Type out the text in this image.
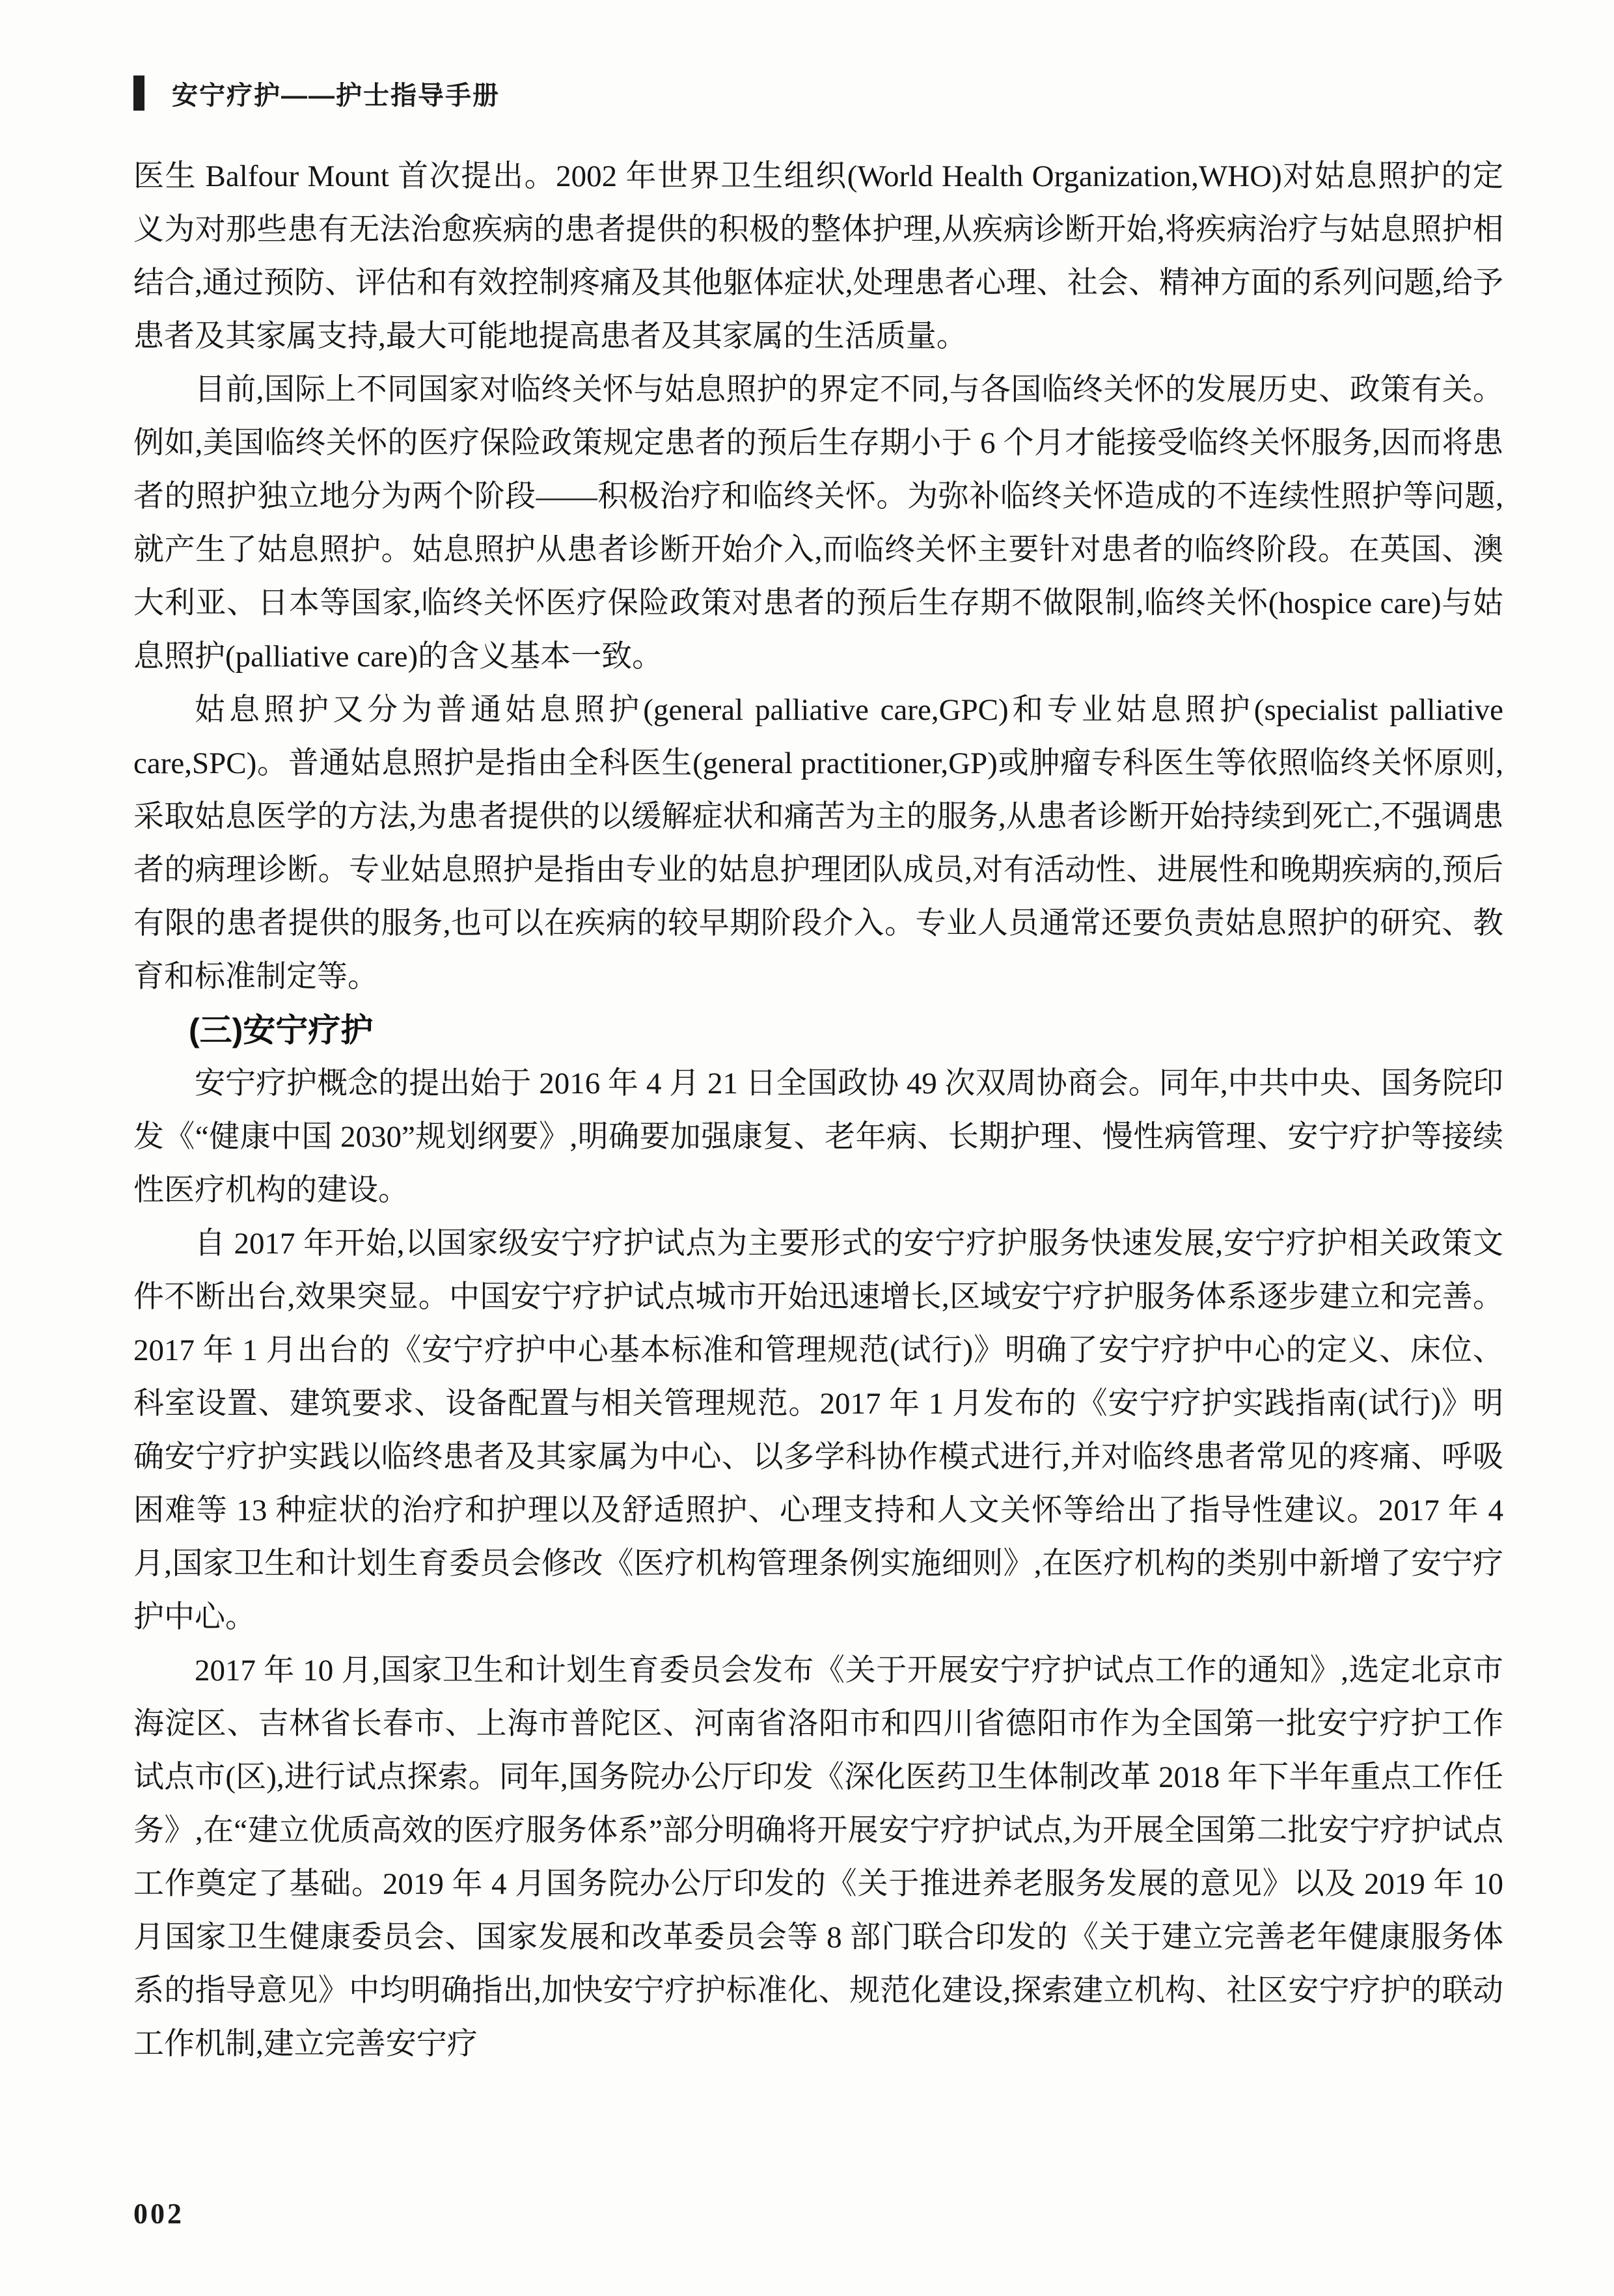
安宁疗护——护士指导手册

医生 Balfour Mount 首次提出。2002 年世界卫生组织(World Health Organization,WHO)对姑息照护的定义为对那些患有无法治愈疾病的患者提供的积极的整体护理,从疾病诊断开始,将疾病治疗与姑息照护相结合,通过预防、评估和有效控制疼痛及其他躯体症状,处理患者心理、社会、精神方面的系列问题,给予患者及其家属支持,最大可能地提高患者及其家属的生活质量。

目前,国际上不同国家对临终关怀与姑息照护的界定不同,与各国临终关怀的发展历史、政策有关。例如,美国临终关怀的医疗保险政策规定患者的预后生存期小于 6 个月才能接受临终关怀服务,因而将患者的照护独立地分为两个阶段——积极治疗和临终关怀。为弥补临终关怀造成的不连续性照护等问题,就产生了姑息照护。姑息照护从患者诊断开始介入,而临终关怀主要针对患者的临终阶段。在英国、澳大利亚、日本等国家,临终关怀医疗保险政策对患者的预后生存期不做限制,临终关怀(hospice care)与姑息照护(palliative care)的含义基本一致。

姑息照护又分为普通姑息照护(general palliative care,GPC)和专业姑息照护(specialist palliative care,SPC)。普通姑息照护是指由全科医生(general practitioner,GP)或肿瘤专科医生等依照临终关怀原则,采取姑息医学的方法,为患者提供的以缓解症状和痛苦为主的服务,从患者诊断开始持续到死亡,不强调患者的病理诊断。专业姑息照护是指由专业的姑息护理团队成员,对有活动性、进展性和晚期疾病的,预后有限的患者提供的服务,也可以在疾病的较早期阶段介入。专业人员通常还要负责姑息照护的研究、教育和标准制定等。

(三)安宁疗护

安宁疗护概念的提出始于 2016 年 4 月 21 日全国政协 49 次双周协商会。同年,中共中央、国务院印发《“健康中国 2030”规划纲要》,明确要加强康复、老年病、长期护理、慢性病管理、安宁疗护等接续性医疗机构的建设。

自 2017 年开始,以国家级安宁疗护试点为主要形式的安宁疗护服务快速发展,安宁疗护相关政策文件不断出台,效果突显。中国安宁疗护试点城市开始迅速增长,区域安宁疗护服务体系逐步建立和完善。2017 年 1 月出台的《安宁疗护中心基本标准和管理规范(试行)》明确了安宁疗护中心的定义、床位、科室设置、建筑要求、设备配置与相关管理规范。2017 年 1 月发布的《安宁疗护实践指南(试行)》明确安宁疗护实践以临终患者及其家属为中心、以多学科协作模式进行,并对临终患者常见的疼痛、呼吸困难等 13 种症状的治疗和护理以及舒适照护、心理支持和人文关怀等给出了指导性建议。2017 年 4 月,国家卫生和计划生育委员会修改《医疗机构管理条例实施细则》,在医疗机构的类别中新增了安宁疗护中心。

2017 年 10 月,国家卫生和计划生育委员会发布《关于开展安宁疗护试点工作的通知》,选定北京市海淀区、吉林省长春市、上海市普陀区、河南省洛阳市和四川省德阳市作为全国第一批安宁疗护工作试点市(区),进行试点探索。同年,国务院办公厅印发《深化医药卫生体制改革 2018 年下半年重点工作任务》,在“建立优质高效的医疗服务体系”部分明确将开展安宁疗护试点,为开展全国第二批安宁疗护试点工作奠定了基础。2019 年 4 月国务院办公厅印发的《关于推进养老服务发展的意见》以及 2019 年 10 月国家卫生健康委员会、国家发展和改革委员会等 8 部门联合印发的《关于建立完善老年健康服务体系的指导意见》中均明确指出,加快安宁疗护标准化、规范化建设,探索建立机构、社区安宁疗护的联动工作机制,建立完善安宁疗

002
